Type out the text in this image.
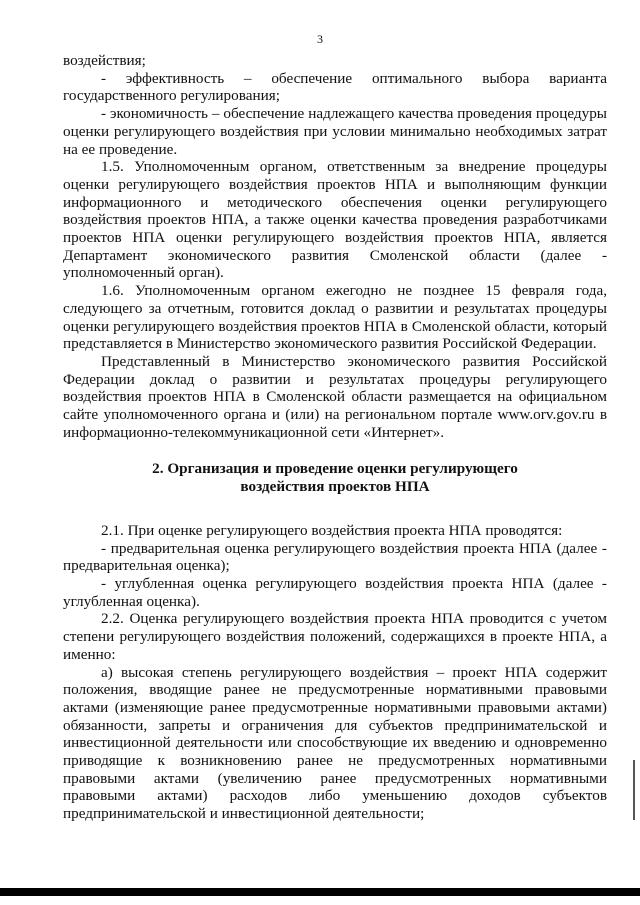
3

воздействия;

- эффективность – обеспечение оптимального выбора варианта государственного регулирования;

- экономичность – обеспечение надлежащего качества проведения процедуры оценки регулирующего воздействия при условии минимально необходимых затрат на ее проведение.

1.5. Уполномоченным органом, ответственным за внедрение процедуры оценки регулирующего воздействия проектов НПА и выполняющим функции информационного и методического обеспечения оценки регулирующего воздействия проектов НПА, а также оценки качества проведения разработчиками проектов НПА оценки регулирующего воздействия проектов НПА, является Департамент экономического развития Смоленской области (далее - уполномоченный орган).

1.6. Уполномоченным органом ежегодно не позднее 15 февраля года, следующего за отчетным, готовится доклад о развитии и результатах процедуры оценки регулирующего воздействия проектов НПА в Смоленской области, который представляется в Министерство экономического развития Российской Федерации.

Представленный в Министерство экономического развития Российской Федерации доклад о развитии и результатах процедуры регулирующего воздействия проектов НПА в Смоленской области размещается на официальном сайте уполномоченного органа и (или) на региональном портале www.orv.gov.ru в информационно-телекоммуникационной сети «Интернет».

2. Организация и проведение оценки регулирующего
воздействия проектов НПА

2.1. При оценке регулирующего воздействия проекта НПА проводятся:

- предварительная оценка регулирующего воздействия проекта НПА (далее - предварительная оценка);

- углубленная оценка регулирующего воздействия проекта НПА (далее - углубленная оценка).

2.2. Оценка регулирующего воздействия проекта НПА проводится с учетом степени регулирующего воздействия положений, содержащихся в проекте НПА, а именно:

а) высокая степень регулирующего воздействия – проект НПА содержит положения, вводящие ранее не предусмотренные нормативными правовыми актами (изменяющие ранее предусмотренные нормативными правовыми актами) обязанности, запреты и ограничения для субъектов предпринимательской и инвестиционной деятельности или способствующие их введению и одновременно приводящие к возникновению ранее не предусмотренных нормативными правовыми актами (увеличению ранее предусмотренных нормативными правовыми актами) расходов либо уменьшению доходов субъектов предпринимательской и инвестиционной деятельности;
